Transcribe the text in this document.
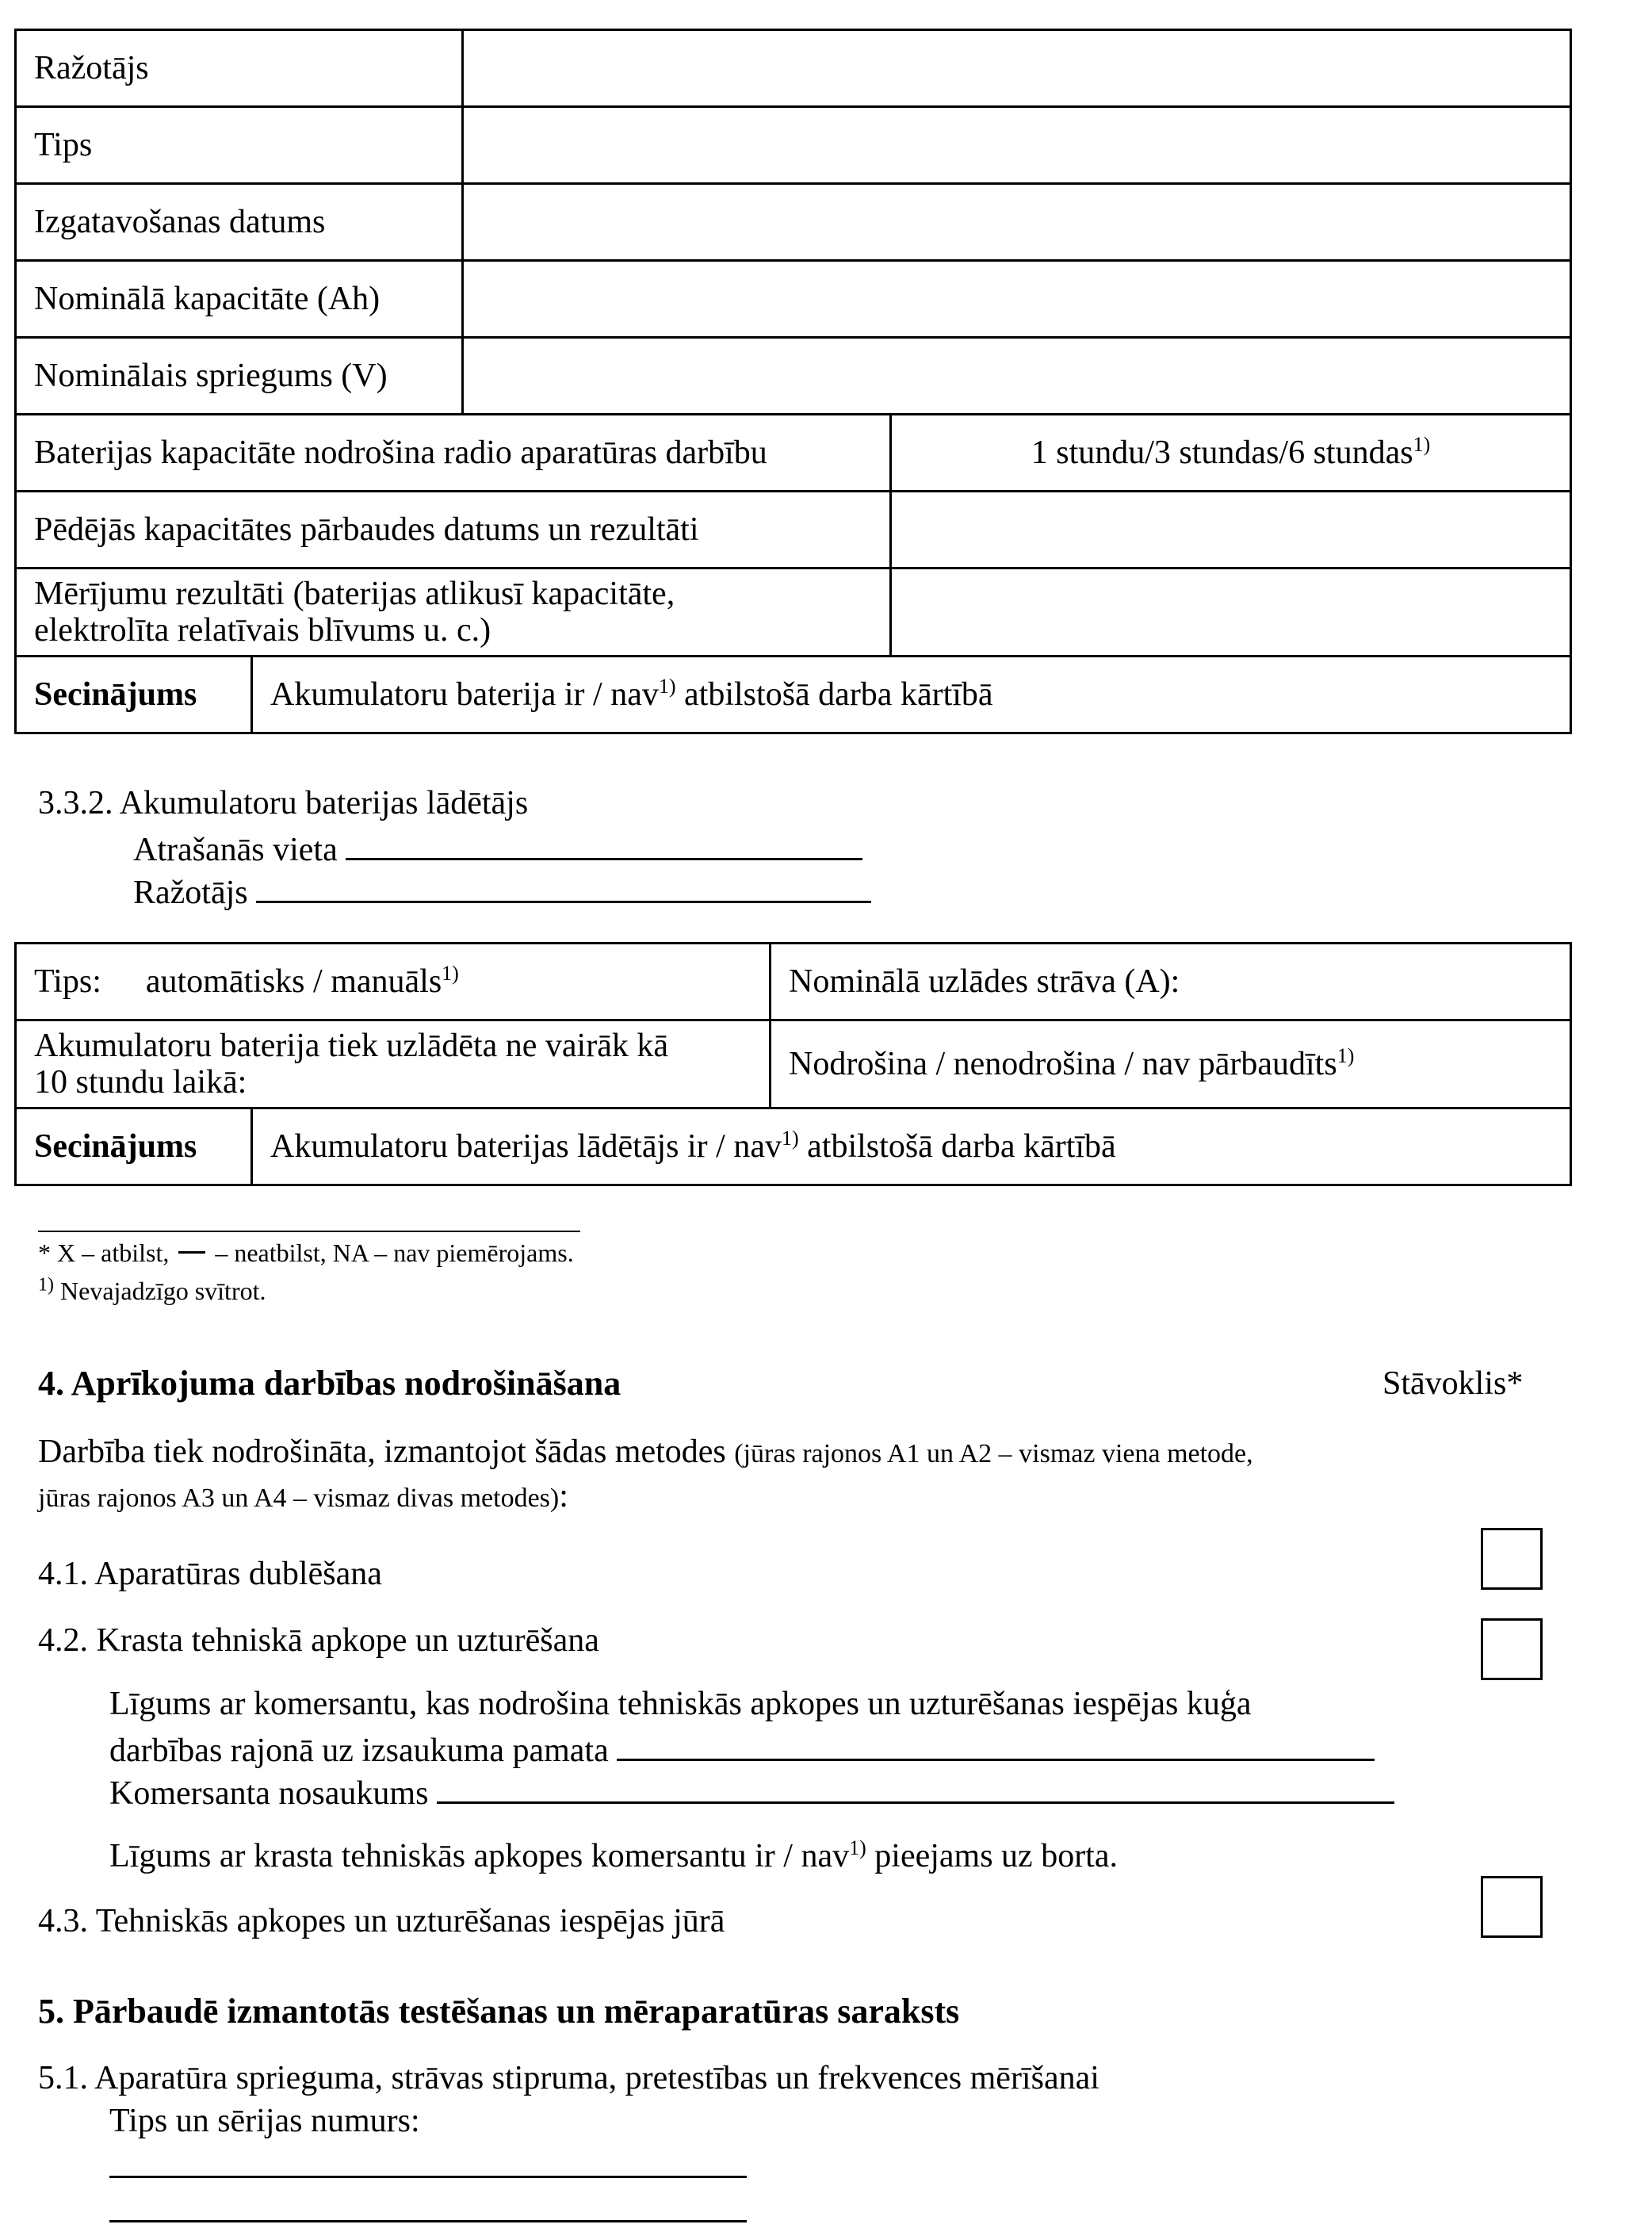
Ražotājs			
Tips			
Izgatavošanas datums			
Nominālā kapacitāte (Ah)			
Nominālais spriegums (V)			
Baterijas kapacitāte nodrošina radio aparatūras darbību			1 stundu/3 stundas/6 stundas$^{1)}$
Pēdējās kapacitātes pārbaudes datums un rezultāti			

Mērījumu rezultāti (baterijas atlikusī kapacitāte,
elektrolīta relatīvais blīvums u. c.)			

Secinājums	Akumulatoru baterija ir / nav$^{1)}$ atbilstošā darba kārtībā		
3.3.2. Akumulatoru baterijas lādētājs
Atrašanās vieta
Ražotājs
Tips: automātisks / manuāls$^{1)}$		Nominālā uzlādes strāva (A):

Akumulatoru baterija tiek uzlādēta ne vairāk kā
10 stundu laikā:		Nodrošina / nenodrošina / nav pārbaudīts$^{1)}$
Secinājums	Akumulatoru baterijas lādētājs ir / nav$^{1)}$ atbilstošā darba kārtībā	
* X – atbilst, – neatbilst, NA – nav piemērojams.
$^{1)}$ Nevajadzīgo svītrot.
4. Aprīkojuma darbības nodrošināšana	Stāvoklis*
Darbība tiek nodrošināta, izmantojot šādas metodes (jūras rajonos A1 un A2 – vismaz viena metode,
jūras rajonos A3 un A4 – vismaz divas metodes):
4.1. Aparatūras dublēšana
4.2. Krasta tehniskā apkope un uzturēšana
Līgums ar komersantu, kas nodrošina tehniskās apkopes un uzturēšanas iespējas kuģa
darbības rajonā uz izsaukuma pamata
Komersanta nosaukums
Līgums ar krasta tehniskās apkopes komersantu ir / nav$^{1)}$ pieejams uz borta.
4.3. Tehniskās apkopes un uzturēšanas iespējas jūrā
5. Pārbaudē izmantotās testēšanas un mēraparatūras saraksts
5.1. Aparatūra sprieguma, strāvas stipruma, pretestības un frekvences mērīšanai
Tips un sērijas numurs:
